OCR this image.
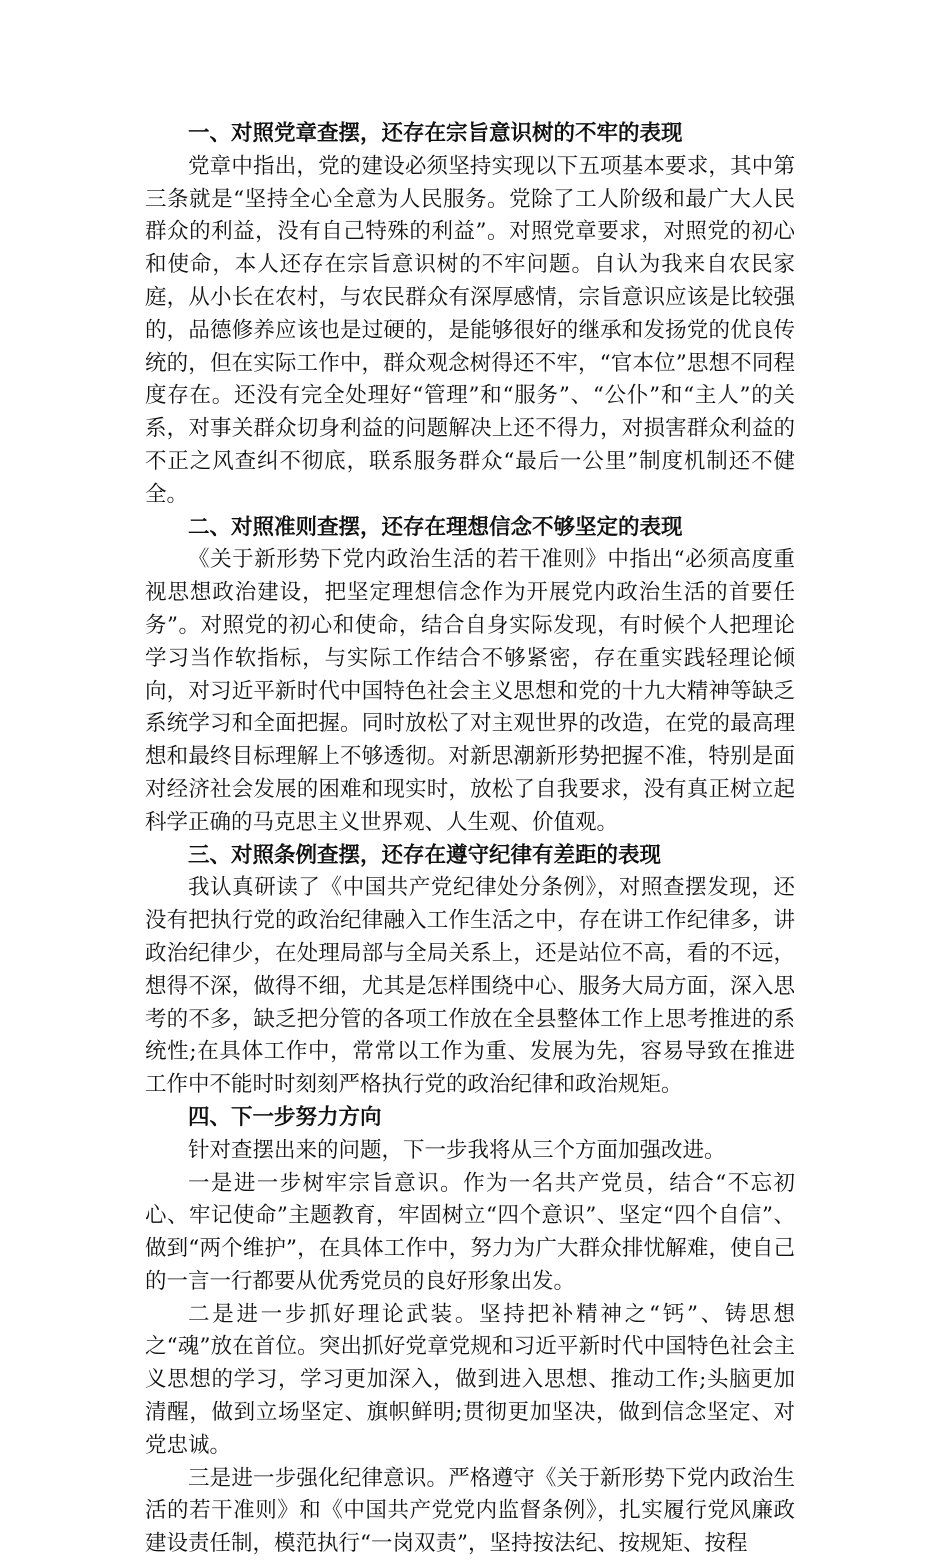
一、对照党章查摆，还存在宗旨意识树的不牢的表现

党章中指出，党的建设必须坚持实现以下五项基本要求，其中第三条就是“坚持全心全意为人民服务。党除了工人阶级和最广大人民群众的利益，没有自己特殊的利益”。对照党章要求，对照党的初心和使命，本人还存在宗旨意识树的不牢问题。自认为我来自农民家庭，从小长在农村，与农民群众有深厚感情，宗旨意识应该是比较强的，品德修养应该也是过硬的，是能够很好的继承和发扬党的优良传统的，但在实际工作中，群众观念树得还不牢，“官本位”思想不同程度存在。还没有完全处理好“管理”和“服务”、“公仆”和“主人”的关系，对事关群众切身利益的问题解决上还不得力，对损害群众利益的不正之风查纠不彻底，联系服务群众“最后一公里”制度机制还不健全。

二、对照准则查摆，还存在理想信念不够坚定的表现

《关于新形势下党内政治生活的若干准则》中指出“必须高度重视思想政治建设，把坚定理想信念作为开展党内政治生活的首要任务”。对照党的初心和使命，结合自身实际发现，有时候个人把理论学习当作软指标，与实际工作结合不够紧密，存在重实践轻理论倾向，对习近平新时代中国特色社会主义思想和党的十九大精神等缺乏系统学习和全面把握。同时放松了对主观世界的改造，在党的最高理想和最终目标理解上不够透彻。对新思潮新形势把握不准，特别是面对经济社会发展的困难和现实时，放松了自我要求，没有真正树立起科学正确的马克思主义世界观、人生观、价值观。

三、对照条例查摆，还存在遵守纪律有差距的表现

我认真研读了《中国共产党纪律处分条例》，对照查摆发现，还没有把执行党的政治纪律融入工作生活之中，存在讲工作纪律多，讲政治纪律少，在处理局部与全局关系上，还是站位不高，看的不远，想得不深，做得不细，尤其是怎样围绕中心、服务大局方面，深入思考的不多，缺乏把分管的各项工作放在全县整体工作上思考推进的系统性;在具体工作中，常常以工作为重、发展为先，容易导致在推进工作中不能时时刻刻严格执行党的政治纪律和政治规矩。

四、下一步努力方向

针对查摆出来的问题，下一步我将从三个方面加强改进。

一是进一步树牢宗旨意识。作为一名共产党员，结合“不忘初心、牢记使命”主题教育，牢固树立“四个意识”、坚定“四个自信”、做到“两个维护”，在具体工作中，努力为广大群众排忧解难，使自己的一言一行都要从优秀党员的良好形象出发。

二是进一步抓好理论武装。坚持把补精神之“钙”、铸思想之“魂”放在首位。突出抓好党章党规和习近平新时代中国特色社会主义思想的学习，学习更加深入，做到进入思想、推动工作;头脑更加清醒，做到立场坚定、旗帜鲜明;贯彻更加坚决，做到信念坚定、对党忠诚。

三是进一步强化纪律意识。严格遵守《关于新形势下党内政治生活的若干准则》和《中国共产党党内监督条例》，扎实履行党风廉政建设责任制，模范执行“一岗双责”，坚持按法纪、按规矩、按程
